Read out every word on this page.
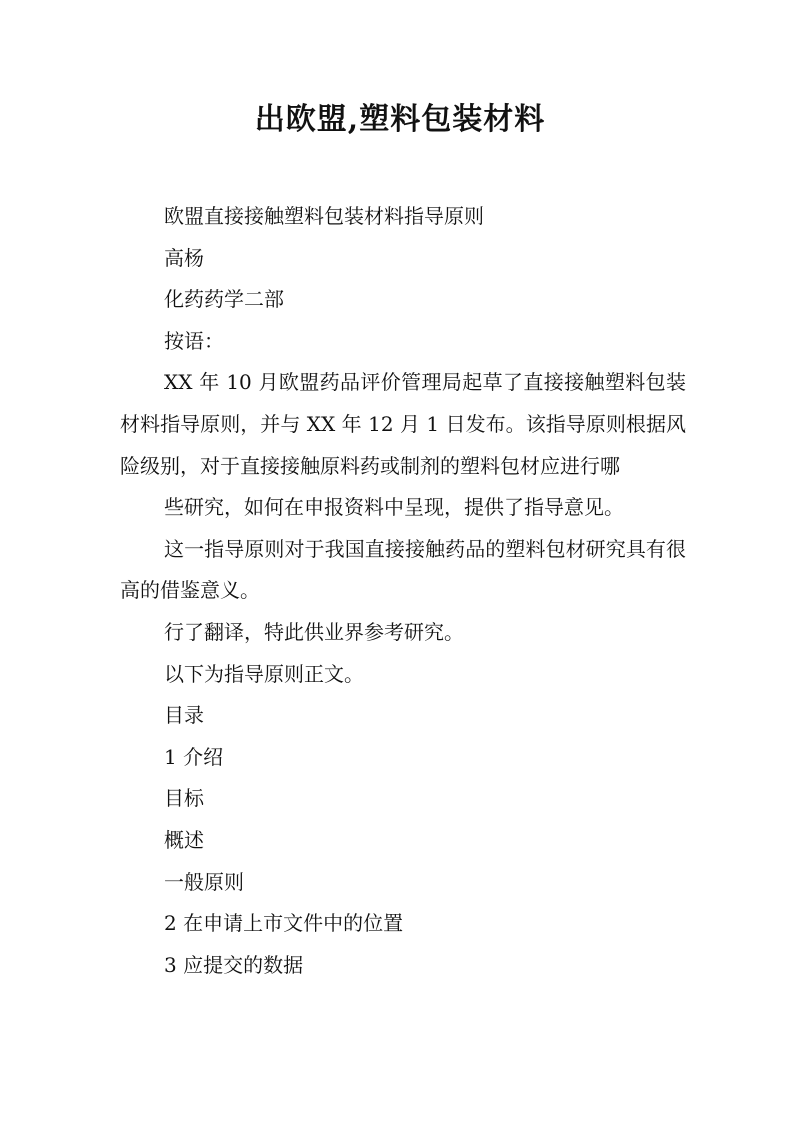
出欧盟,塑料包装材料

欧盟直接接触塑料包装材料指导原则

高杨

化药药学二部

按语：

XX 年 10 月欧盟药品评价管理局起草了直接接触塑料包装材料指导原则，并与 XX 年 12 月 1 日发布。该指导原则根据风险级别，对于直接接触原料药或制剂的塑料包材应进行哪

些研究，如何在申报资料中呈现，提供了指导意见。

这一指导原则对于我国直接接触药品的塑料包材研究具有很高的借鉴意义。

行了翻译，特此供业界参考研究。

以下为指导原则正文。

目录

1 介绍

目标

概述

一般原则

2 在申请上市文件中的位置

3 应提交的数据
